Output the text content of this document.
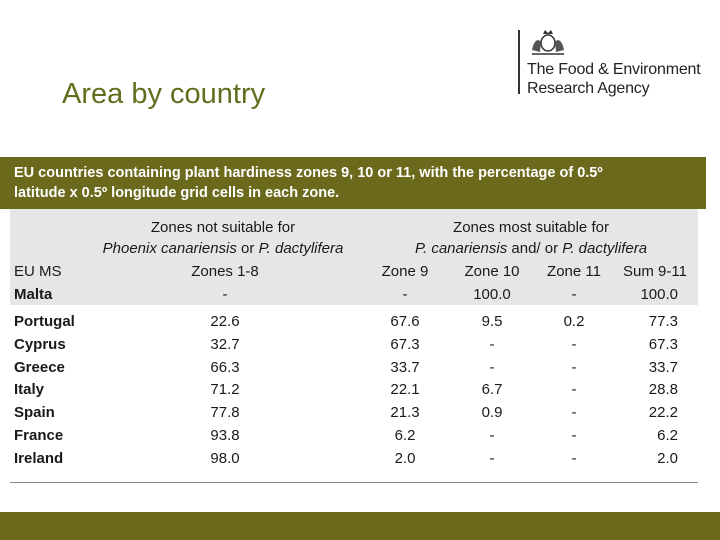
Area by country
The Food & Environment
Research Agency
EU countries containing plant hardiness zones 9, 10 or 11, with the percentage of 0.5º
latitude x 0.5º longitude grid cells in each zone.
Zones not suitable for
Phoenix canariensis or P. dactylifera
Zones most suitable for
P. canariensis and/ or P. dactylifera
EU MS	Zones 1-8	Zone 9	Zone 10	Zone 11	Sum 9-11
Malta	-	-	100.0	-	100.0
Portugal	22.6	67.6	9.5	0.2	77.3
Cyprus	32.7	67.3	-	-	67.3
Greece	66.3	33.7	-	-	33.7
Italy	71.2	22.1	6.7	-	28.8
Spain	77.8	21.3	0.9	-	22.2
France	93.8	6.2	-	-	6.2
Ireland	98.0	2.0	-	-	2.0
